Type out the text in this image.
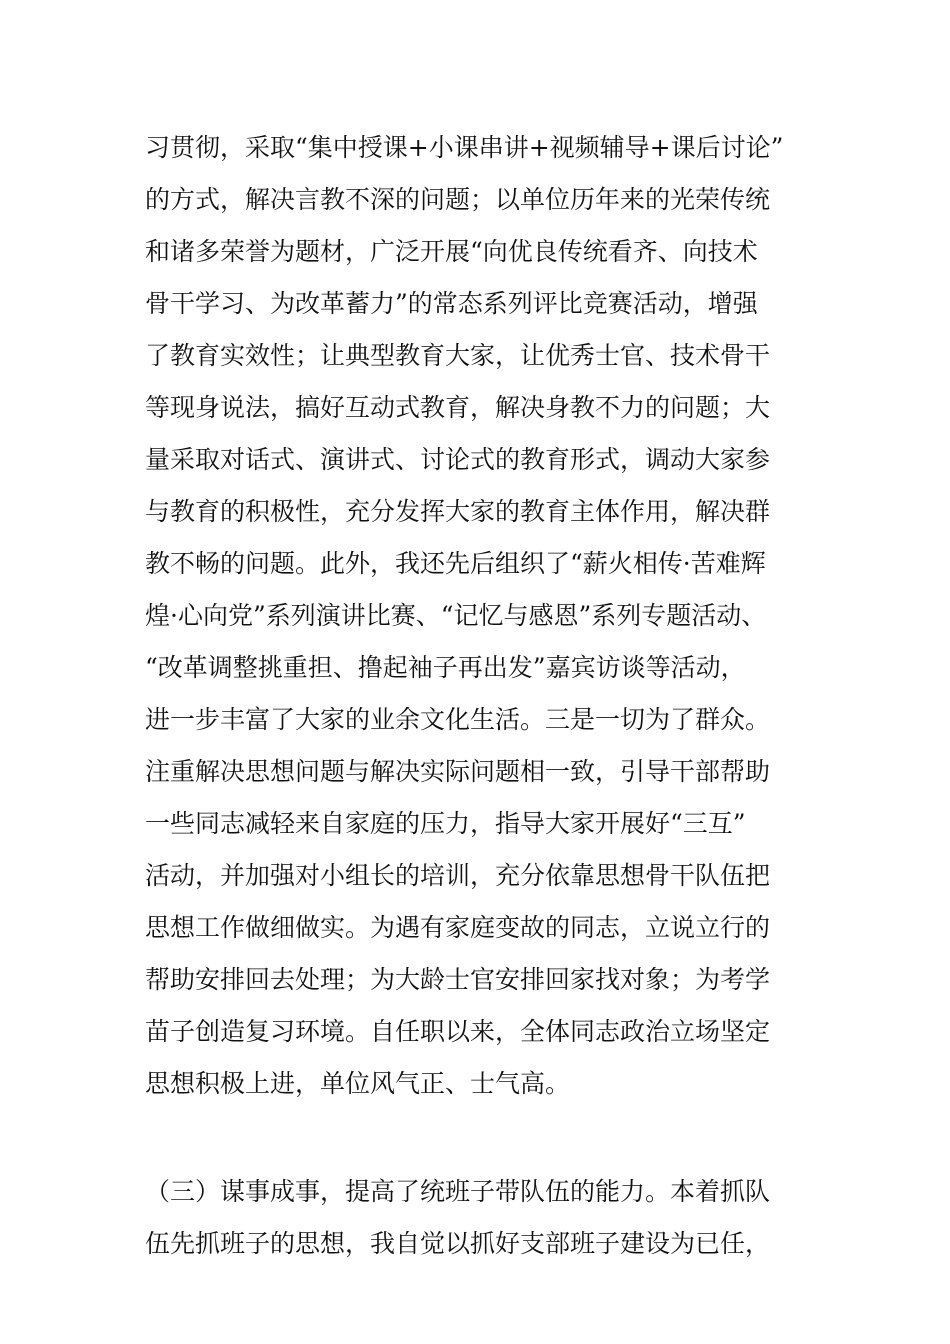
习贯彻，采取“集中授课+小课串讲+视频辅导+课后讨论”
的方式，解决言教不深的问题；以单位历年来的光荣传统
和诸多荣誉为题材，广泛开展“向优良传统看齐、向技术
骨干学习、为改革蓄力”的常态系列评比竞赛活动，增强
了教育实效性；让典型教育大家，让优秀士官、技术骨干
等现身说法，搞好互动式教育，解决身教不力的问题；大
量采取对话式、演讲式、讨论式的教育形式，调动大家参
与教育的积极性，充分发挥大家的教育主体作用，解决群
教不畅的问题。此外，我还先后组织了“薪火相传·苦难辉
煌·心向党”系列演讲比赛、“记忆与感恩”系列专题活动、
“改革调整挑重担、撸起袖子再出发”嘉宾访谈等活动，
进一步丰富了大家的业余文化生活。三是一切为了群众。
注重解决思想问题与解决实际问题相一致，引导干部帮助
一些同志减轻来自家庭的压力，指导大家开展好“三互”
活动，并加强对小组长的培训，充分依靠思想骨干队伍把
思想工作做细做实。为遇有家庭变故的同志，立说立行的
帮助安排回去处理；为大龄士官安排回家找对象；为考学
苗子创造复习环境。自任职以来，全体同志政治立场坚定
思想积极上进，单位风气正、士气高。
（三）谋事成事，提高了统班子带队伍的能力。本着抓队
伍先抓班子的思想，我自觉以抓好支部班子建设为已任，
